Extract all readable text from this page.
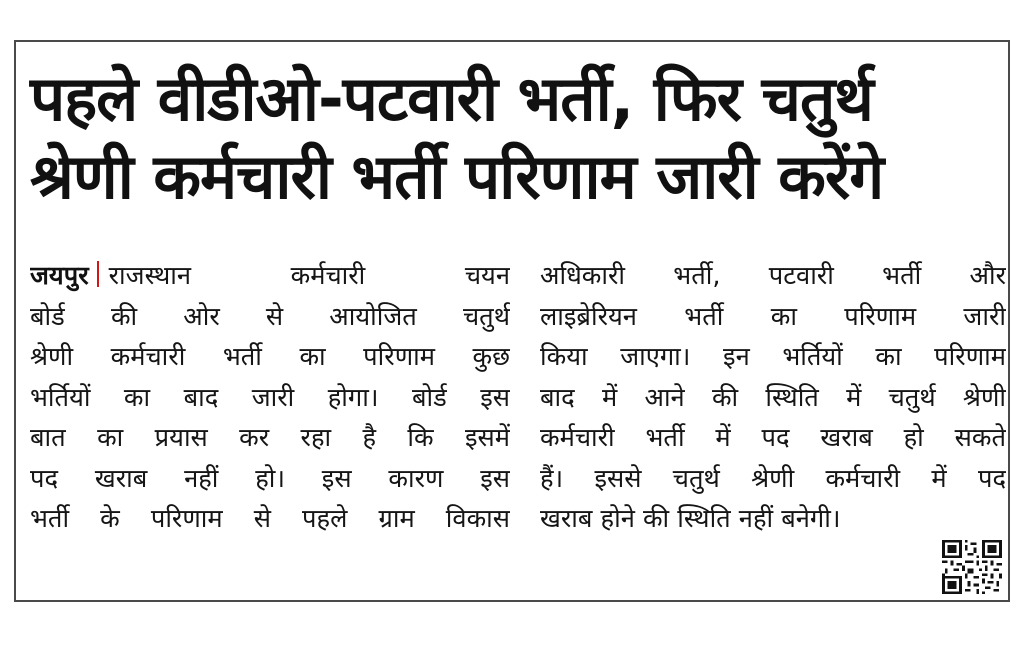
पहले वीडीओ-पटवारी भर्ती, फिर चतुर्थ
श्रेणी कर्मचारी भर्ती परिणाम जारी करेंगे
जयपुर राजस्थान कर्मचारी चयन
बोर्ड की ओर से आयोजित चतुर्थ
श्रेणी कर्मचारी भर्ती का परिणाम कुछ
भर्तियों का बाद जारी होगा। बोर्ड इस
बात का प्रयास कर रहा है कि इसमें
पद खराब नहीं हो। इस कारण इस
भर्ती के परिणाम से पहले ग्राम विकास
अधिकारी भर्ती, पटवारी भर्ती और
लाइब्रेरियन भर्ती का परिणाम जारी
किया जाएगा। इन भर्तियों का परिणाम
बाद में आने की स्थिति में चतुर्थ श्रेणी
कर्मचारी भर्ती में पद खराब हो सकते
हैं। इससे चतुर्थ श्रेणी कर्मचारी में पद
खराब होने की स्थिति नहीं बनेगी।
